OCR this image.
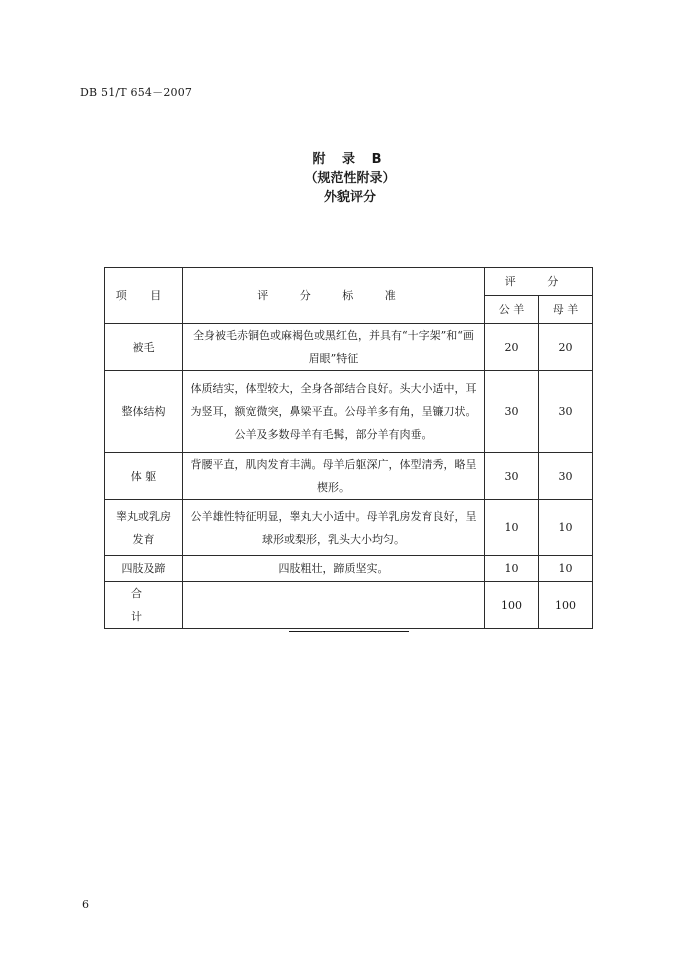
DB 51/T 654－2007
附 录 B
（规范性附录）
外貌评分
项 目	评 分 标 准	评 分	
		公 羊	母 羊
被毛	全身被毛赤铜色或麻褐色或黑红色，并具有“十字架”和“画眉眼”特征	20	20
整体结构	体质结实，体型较大，全身各部结合良好。头大小适中，耳为竖耳，额宽微突，鼻梁平直。公母羊多有角，呈镰刀状。公羊及多数母羊有毛髯，部分羊有肉垂。	30	30
体 躯	背腰平直，肌肉发育丰满。母羊后躯深广，体型清秀，略呈楔形。	30	30
睾丸或乳房发育	公羊雄性特征明显，睾丸大小适中。母羊乳房发育良好，呈球形或梨形，乳头大小均匀。	10	10
四肢及蹄	四肢粗壮，蹄质坚实。	10	10
合 计		100	100
6
